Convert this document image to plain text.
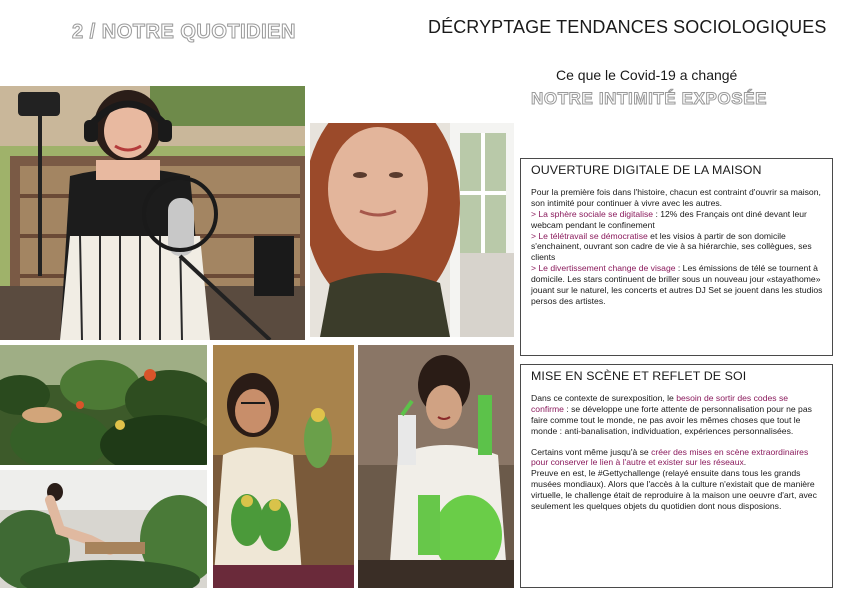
2 / NOTRE QUOTIDIEN	DÉCRYPTAGE TENDANCES SOCIOLOGIQUES
Ce que le Covid-19 a changé
NOTRE INTIMITÉ EXPOSÉE
OUVERTURE DIGITALE DE LA MAISON

Pour la première fois dans l'histoire, chacun est contraint d'ouvrir sa maison, son intimité pour continuer à vivre avec les autres.

> La sphère sociale se digitalise : 12% des Français ont diné devant leur webcam pendant le confinement

> Le télétravail se démocratise et les visios à partir de son domicile s'enchainent, ouvrant son cadre de vie à sa hiérarchie, ses collègues, ses clients

> Le divertissement change de visage : Les émissions de télé se tournent à domicile. Les stars continuent de briller sous un nouveau jour «stayathome» jouant sur le naturel, les concerts et autres DJ Set se jouent dans les studios persos des artistes.

MISE EN SCÈNE ET REFLET DE SOI

Dans ce contexte de surexposition, le besoin de sortir des codes se confirme : se développe une forte attente de personnalisation pour ne pas faire comme tout le monde, ne pas avoir les mêmes choses que tout le monde : anti-banalisation, individuation, expériences personnalisées.

Certains vont même jusqu'à se créer des mises en scène extraordinaires pour conserver le lien à l'autre et exister sur les réseaux.

Preuve en est, le #Gettychallenge (relayé ensuite dans tous les grands musées mondiaux). Alors que l'accès à la culture n'existait que de manière virtuelle, le challenge était de reproduire à la maison une oeuvre d'art, avec seulement les quelques objets du quotidien dont nous disposions.
